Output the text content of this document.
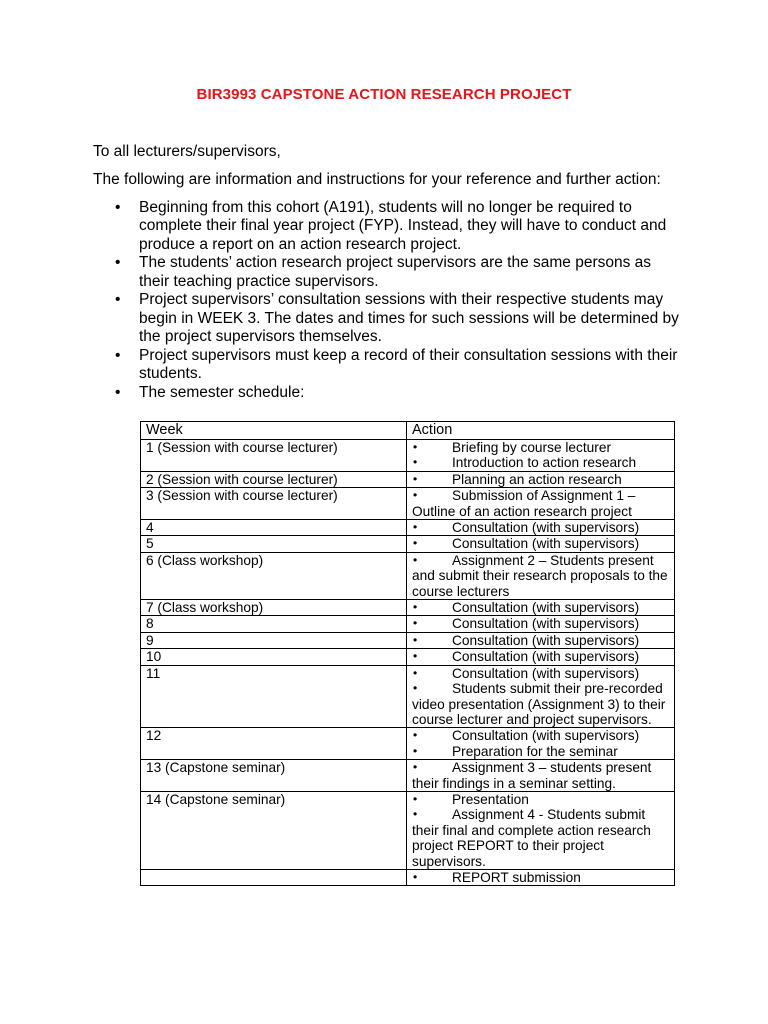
BIR3993 CAPSTONE ACTION RESEARCH PROJECT
To all lecturers/supervisors,
The following are information and instructions for your reference and further action:
• Beginning from this cohort (A191), students will no longer be required to complete their final year project (FYP). Instead, they will have to conduct and produce a report on an action research project.
• The students’ action research project supervisors are the same persons as their teaching practice supervisors.
• Project supervisors’ consultation sessions with their respective students may begin in WEEK 3. The dates and times for such sessions will be determined by the project supervisors themselves.
• Project supervisors must keep a record of their consultation sessions with their students.
• The semester schedule:
Week	Action
1 (Session with course lecturer)	• Briefing by course lecturer
• Introduction to action research

2 (Session with course lecturer)	• Planning an action research

3 (Session with course lecturer)	• Submission of Assignment 1 – Outline of an action research project

4	• Consultation (with supervisors)

5	• Consultation (with supervisors)

6 (Class workshop)	• Assignment 2 – Students present and submit their research proposals to the course lecturers

7 (Class workshop)	• Consultation (with supervisors)

8	• Consultation (with supervisors)

9	• Consultation (with supervisors)

10	• Consultation (with supervisors)

11	• Consultation (with supervisors)
• Students submit their pre-recorded video presentation (Assignment 3) to their course lecturer and project supervisors.

12	• Consultation (with supervisors)
• Preparation for the seminar

13 (Capstone seminar)	• Assignment 3 – students present their findings in a seminar setting.

14 (Capstone seminar)	• Presentation
• Assignment 4 - Students submit their final and complete action research project REPORT to their project supervisors.

	• REPORT submission
